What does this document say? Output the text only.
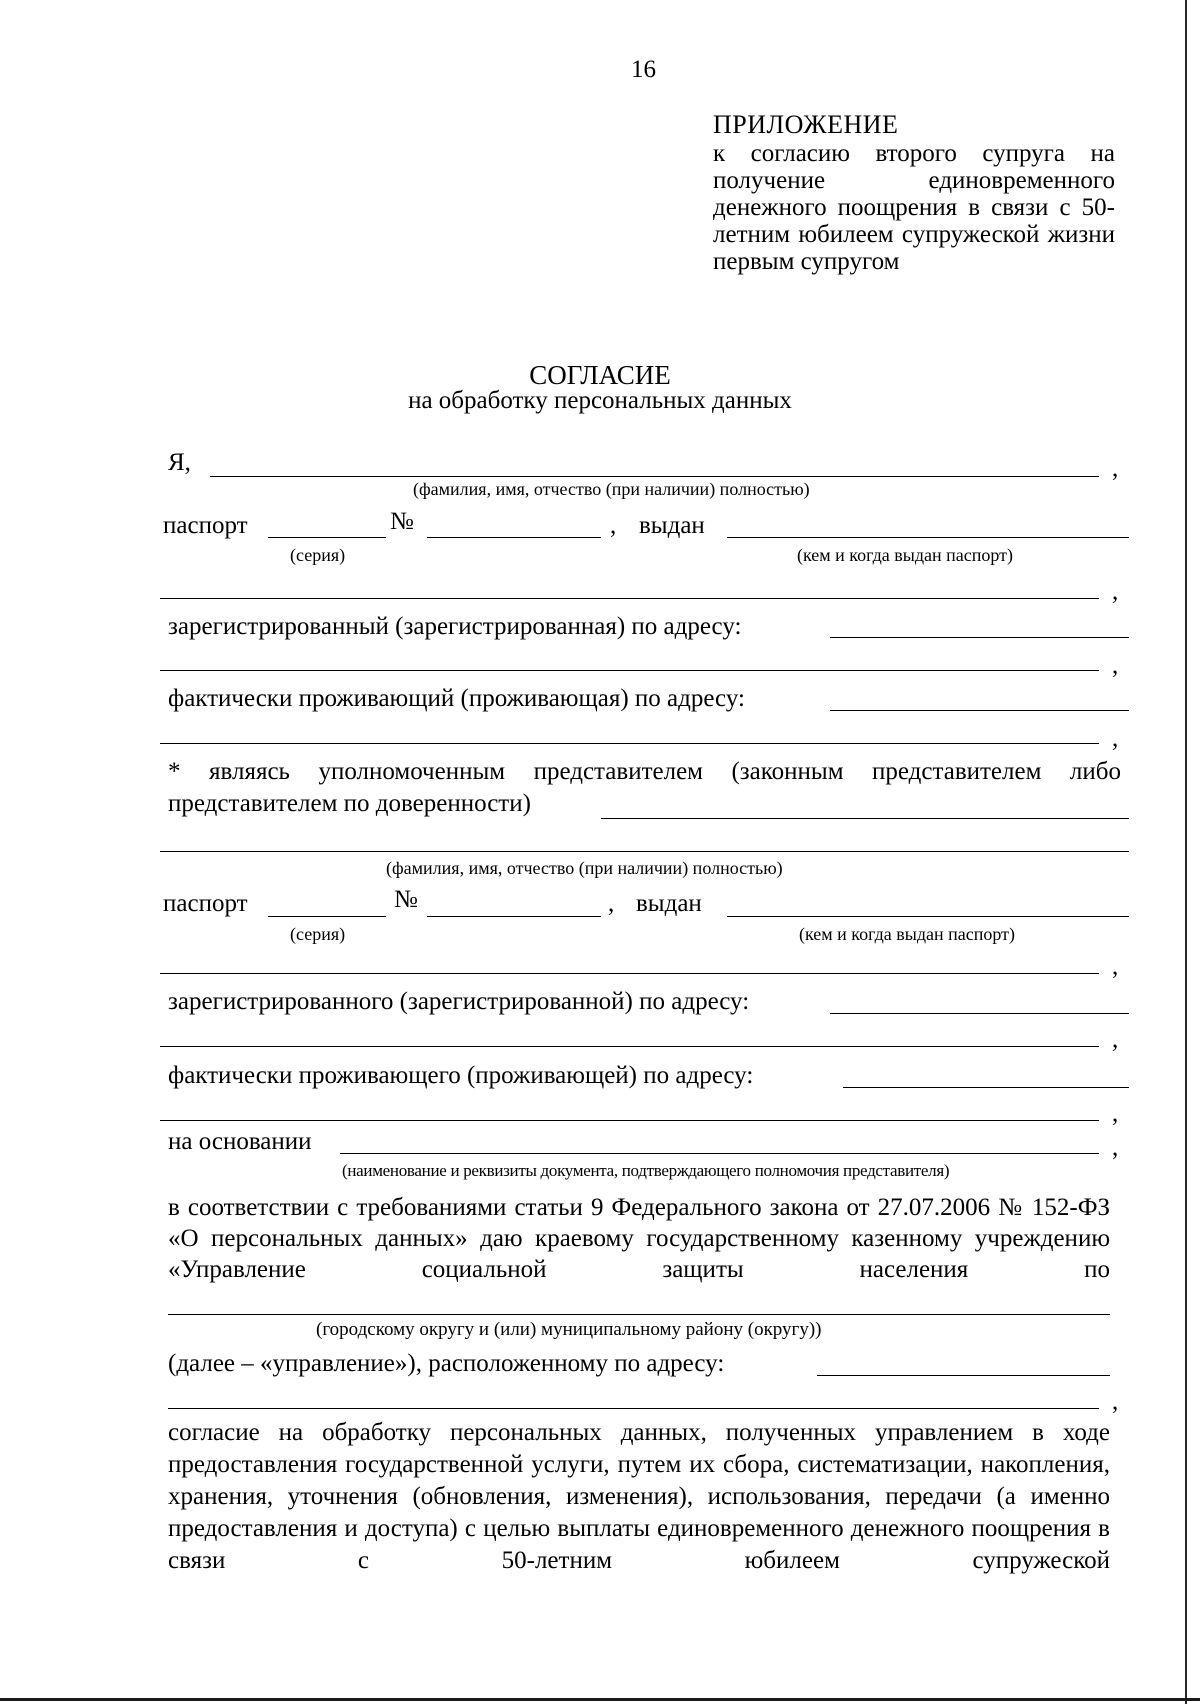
16
ПРИЛОЖЕНИЕ
к согласию второго супруга на получение единовременного денежного поощрения в связи с 50-летним юбилеем супружеской жизни первым супругом
СОГЛАСИЕ
на обработку персональных данных
Я,	,
(фамилия, имя, отчество (при наличии) полностью)
паспорт	№	, выдан
(серия)	(кем и когда выдан паспорт)
,
зарегистрированный (зарегистрированная) по адресу:
,
фактически проживающий (проживающая) по адресу:
,
* являясь уполномоченным представителем (законным представителем либо
представителем по доверенности)
(фамилия, имя, отчество (при наличии) полностью)
паспорт	№	, выдан
(серия)	(кем и когда выдан паспорт)
,
зарегистрированного (зарегистрированной) по адресу:
,
фактически проживающего (проживающей) по адресу:
,
на основании	,
(наименование и реквизиты документа, подтверждающего полномочия представителя)
в соответствии с требованиями статьи 9 Федерального закона от 27.07.2006 № 152-ФЗ «О персональных данных» даю краевому государственному казенному учреждению «Управление социальной защиты населения по
(городскому округу и (или) муниципальному району (округу))
(далее – «управление»), расположенному по адресу:
,
согласие на обработку персональных данных, полученных управлением в ходе предоставления государственной услуги, путем их сбора, систематизации, накопления, хранения, уточнения (обновления, изменения), использования, передачи (а именно предоставления и доступа) с целью выплаты единовременного денежного поощрения в связи с 50-летним юбилеем супружеской
